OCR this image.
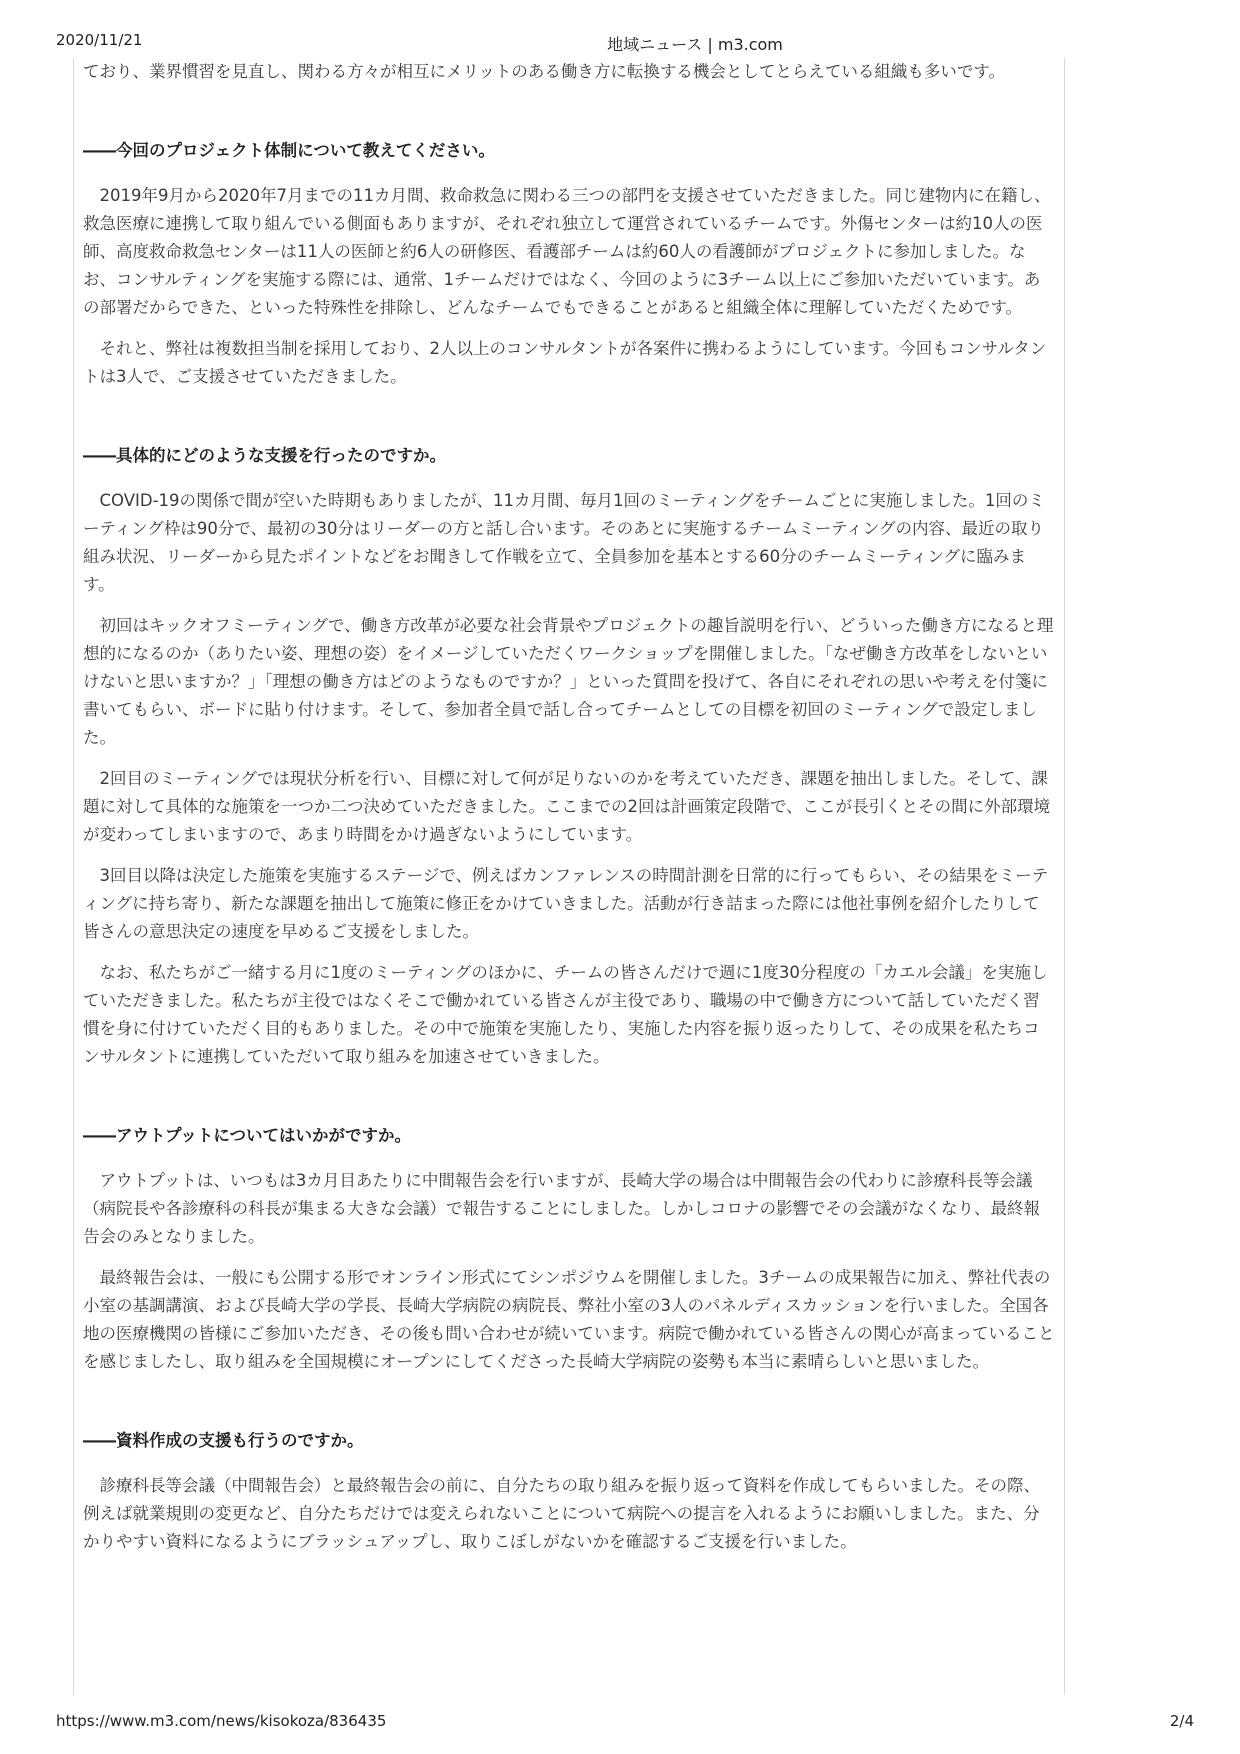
2020/11/21	地域ニュース | m3.com

ており、業界慣習を見直し、関わる方々が相互にメリットのある働き方に転換する機会としてとらえている組織も多いです。

――今回のプロジェクト体制について教えてください。

2019年9月から2020年7月までの11カ月間、救命救急に関わる三つの部門を支援させていただきました。同じ建物内に在籍し、救急医療に連携して取り組んでいる側面もありますが、それぞれ独立して運営されているチームです。外傷センターは約10人の医師、高度救命救急センターは11人の医師と約6人の研修医、看護部チームは約60人の看護師がプロジェクトに参加しました。なお、コンサルティングを実施する際には、通常、1チームだけではなく、今回のように3チーム以上にご参加いただいています。あの部署だからできた、といった特殊性を排除し、どんなチームでもできることがあると組織全体に理解していただくためです。

それと、弊社は複数担当制を採用しており、2人以上のコンサルタントが各案件に携わるようにしています。今回もコンサルタントは3人で、ご支援させていただきました。

――具体的にどのような支援を行ったのですか。

COVID-19の関係で間が空いた時期もありましたが、11カ月間、毎月1回のミーティングをチームごとに実施しました。1回のミーティング枠は90分で、最初の30分はリーダーの方と話し合います。そのあとに実施するチームミーティングの内容、最近の取り組み状況、リーダーから見たポイントなどをお聞きして作戦を立て、全員参加を基本とする60分のチームミーティングに臨みます。

初回はキックオフミーティングで、働き方改革が必要な社会背景やプロジェクトの趣旨説明を行い、どういった働き方になると理想的になるのか（ありたい姿、理想の姿）をイメージしていただくワークショップを開催しました。「なぜ働き方改革をしないといけないと思いますか？」「理想の働き方はどのようなものですか？」といった質問を投げて、各自にそれぞれの思いや考えを付箋に書いてもらい、ボードに貼り付けます。そして、参加者全員で話し合ってチームとしての目標を初回のミーティングで設定しました。

2回目のミーティングでは現状分析を行い、目標に対して何が足りないのかを考えていただき、課題を抽出しました。そして、課題に対して具体的な施策を一つか二つ決めていただきました。ここまでの2回は計画策定段階で、ここが長引くとその間に外部環境が変わってしまいますので、あまり時間をかけ過ぎないようにしています。

3回目以降は決定した施策を実施するステージで、例えばカンファレンスの時間計測を日常的に行ってもらい、その結果をミーティングに持ち寄り、新たな課題を抽出して施策に修正をかけていきました。活動が行き詰まった際には他社事例を紹介したりして皆さんの意思決定の速度を早めるご支援をしました。

なお、私たちがご一緒する月に1度のミーティングのほかに、チームの皆さんだけで週に1度30分程度の「カエル会議」を実施していただきました。私たちが主役ではなくそこで働かれている皆さんが主役であり、職場の中で働き方について話していただく習慣を身に付けていただく目的もありました。その中で施策を実施したり、実施した内容を振り返ったりして、その成果を私たちコンサルタントに連携していただいて取り組みを加速させていきました。

――アウトプットについてはいかがですか。

アウトプットは、いつもは3カ月目あたりに中間報告会を行いますが、長崎大学の場合は中間報告会の代わりに診療科長等会議（病院長や各診療科の科長が集まる大きな会議）で報告することにしました。しかしコロナの影響でその会議がなくなり、最終報告会のみとなりました。

最終報告会は、一般にも公開する形でオンライン形式にてシンポジウムを開催しました。3チームの成果報告に加え、弊社代表の小室の基調講演、および長崎大学の学長、長崎大学病院の病院長、弊社小室の3人のパネルディスカッションを行いました。全国各地の医療機関の皆様にご参加いただき、その後も問い合わせが続いています。病院で働かれている皆さんの関心が高まっていることを感じましたし、取り組みを全国規模にオープンにしてくださった長崎大学病院の姿勢も本当に素晴らしいと思いました。

――資料作成の支援も行うのですか。

診療科長等会議（中間報告会）と最終報告会の前に、自分たちの取り組みを振り返って資料を作成してもらいました。その際、例えば就業規則の変更など、自分たちだけでは変えられないことについて病院への提言を入れるようにお願いしました。また、分かりやすい資料になるようにブラッシュアップし、取りこぼしがないかを確認するご支援を行いました。

https://www.m3.com/news/kisokoza/836435	2/4
